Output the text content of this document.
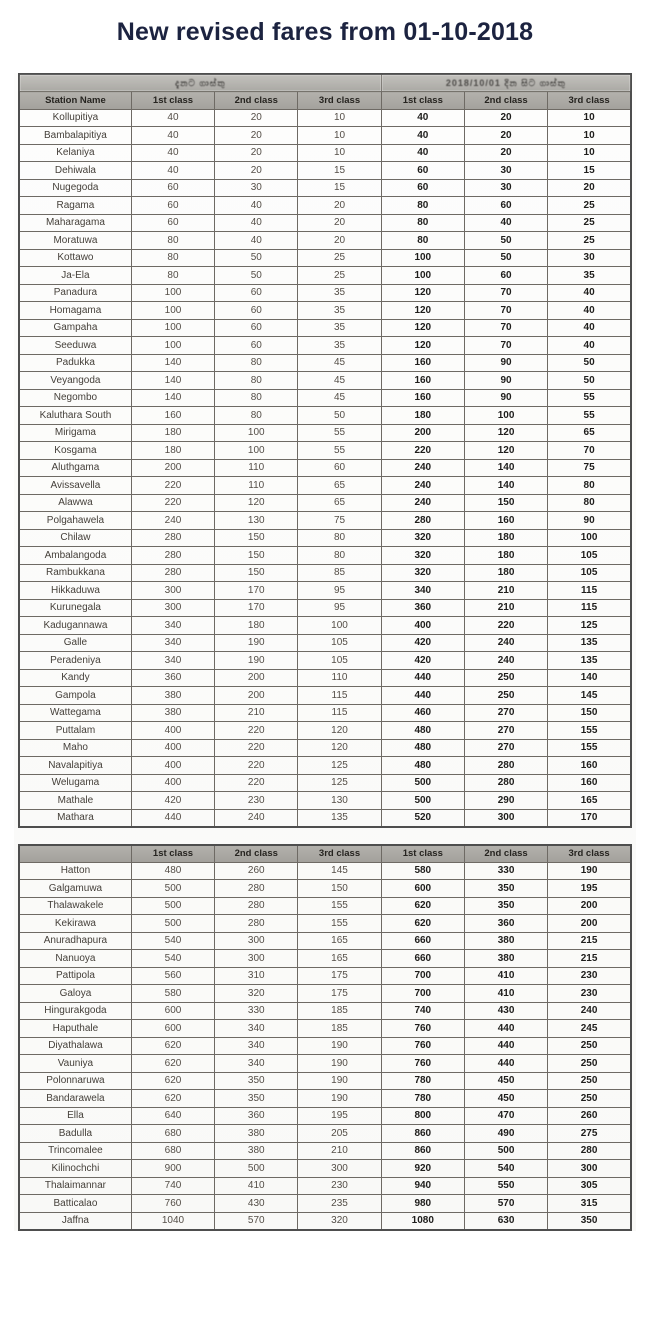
New revised fares from 01-10-2018
දැනට ගාස්තු				2018/10/01 දින සිට ගාස්තු		
Station Name	1st class	2nd class	3rd class	1st class	2nd class	3rd class
Kollupitiya	40	20	10	40	20	10
Bambalapitiya	40	20	10	40	20	10
Kelaniya	40	20	10	40	20	10
Dehiwala	40	20	15	60	30	15
Nugegoda	60	30	15	60	30	20
Ragama	60	40	20	80	60	25
Maharagama	60	40	20	80	40	25
Moratuwa	80	40	20	80	50	25
Kottawo	80	50	25	100	50	30
Ja-Ela	80	50	25	100	60	35
Panadura	100	60	35	120	70	40
Homagama	100	60	35	120	70	40
Gampaha	100	60	35	120	70	40
Seeduwa	100	60	35	120	70	40
Padukka	140	80	45	160	90	50
Veyangoda	140	80	45	160	90	50
Negombo	140	80	45	160	90	55
Kaluthara South	160	80	50	180	100	55
Mirigama	180	100	55	200	120	65
Kosgama	180	100	55	220	120	70
Aluthgama	200	110	60	240	140	75
Avissavella	220	110	65	240	140	80
Alawwa	220	120	65	240	150	80
Polgahawela	240	130	75	280	160	90
Chilaw	280	150	80	320	180	100
Ambalangoda	280	150	80	320	180	105
Rambukkana	280	150	85	320	180	105
Hikkaduwa	300	170	95	340	210	115
Kurunegala	300	170	95	360	210	115
Kadugannawa	340	180	100	400	220	125
Galle	340	190	105	420	240	135
Peradeniya	340	190	105	420	240	135
Kandy	360	200	110	440	250	140
Gampola	380	200	115	440	250	145
Wattegama	380	210	115	460	270	150
Puttalam	400	220	120	480	270	155
Maho	400	220	120	480	270	155
Navalapitiya	400	220	125	480	280	160
Welugama	400	220	125	500	280	160
Mathale	420	230	130	500	290	165
Mathara	440	240	135	520	300	170
	1st class	2nd class	3rd class	1st class	2nd class	3rd class
Hatton	480	260	145	580	330	190
Galgamuwa	500	280	150	600	350	195
Thalawakele	500	280	155	620	350	200
Kekirawa	500	280	155	620	360	200
Anuradhapura	540	300	165	660	380	215
Nanuoya	540	300	165	660	380	215
Pattipola	560	310	175	700	410	230
Galoya	580	320	175	700	410	230
Hingurakgoda	600	330	185	740	430	240
Haputhale	600	340	185	760	440	245
Diyathalawa	620	340	190	760	440	250
Vauniya	620	340	190	760	440	250
Polonnaruwa	620	350	190	780	450	250
Bandarawela	620	350	190	780	450	250
Ella	640	360	195	800	470	260
Badulla	680	380	205	860	490	275
Trincomalee	680	380	210	860	500	280
Kilinochchi	900	500	300	920	540	300
Thalaimannar	740	410	230	940	550	305
Batticalao	760	430	235	980	570	315
Jaffna	1040	570	320	1080	630	350
